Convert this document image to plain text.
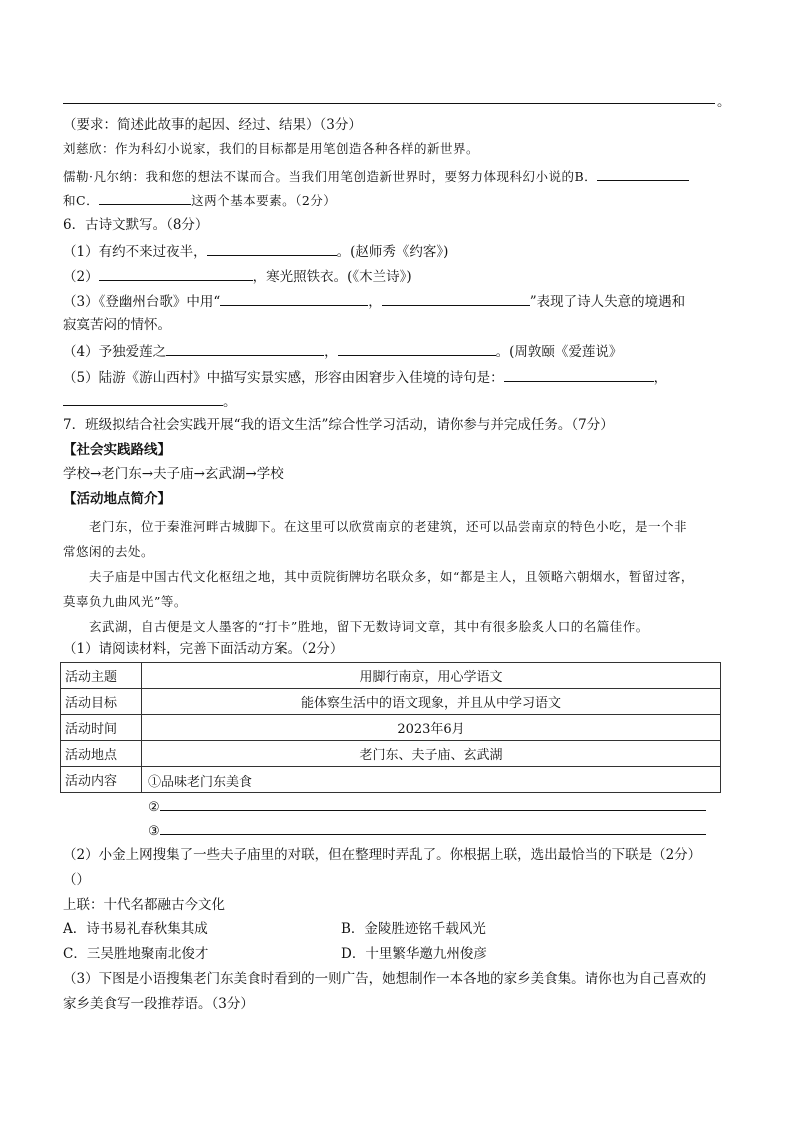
。
（要求：简述此故事的起因、经过、结果）（3分）
刘慈欣：作为科幻小说家，我们的目标都是用笔创造各种各样的新世界。
儒勒·凡尔纳：我和您的想法不谋而合。当我们用笔创造新世界时，要努力体现科幻小说的B．
和C．	这两个基本要素。（2分）
6．古诗文默写。（8分）
（1）有约不来过夜半，	。(赵师秀《约客》)
（2）	，寒光照铁衣。(《木兰诗》)
（3）《登幽州台歌》中用“	，	”表现了诗人失意的境遇和
寂寞苦闷的情怀。
（4）予独爱莲之	，	。(周敦颐《爱莲说》
（5）陆游《游山西村》中描写实景实感，形容由困窘步入佳境的诗句是：	，
。
7．班级拟结合社会实践开展“我的语文生活”综合性学习活动，请你参与并完成任务。（7分）
【社会实践路线】
学校→老门东→夫子庙→玄武湖→学校
【活动地点简介】
老门东，位于秦淮河畔古城脚下。在这里可以欣赏南京的老建筑，还可以品尝南京的特色小吃，是一个非
常悠闲的去处。
夫子庙是中国古代文化枢纽之地，其中贡院街牌坊名联众多，如“都是主人，且领略六朝烟水，暂留过客，
莫辜负九曲风光”等。
玄武湖，自古便是文人墨客的“打卡”胜地，留下无数诗词文章，其中有很多脍炙人口的名篇佳作。
（1）请阅读材料，完善下面活动方案。（2分）
活动主题	用脚行南京，用心学语文
活动目标	能体察生活中的语文现象，并且从中学习语文
活动时间	2023年6月
活动地点	老门东、夫子庙、玄武湖
活动内容	①品味老门东美食
②
③
（2）小金上网搜集了一些夫子庙里的对联，但在整理时弄乱了。你根据上联，选出最恰当的下联是（2分）
（）
上联：十代名都融古今文化
A．诗书易礼春秋集其成	B．金陵胜迹铭千载风光
C．三吴胜地聚南北俊才	D．十里繁华邀九州俊彦
（3）下图是小语搜集老门东美食时看到的一则广告，她想制作一本各地的家乡美食集。请你也为自己喜欢的
家乡美食写一段推荐语。（3分）
